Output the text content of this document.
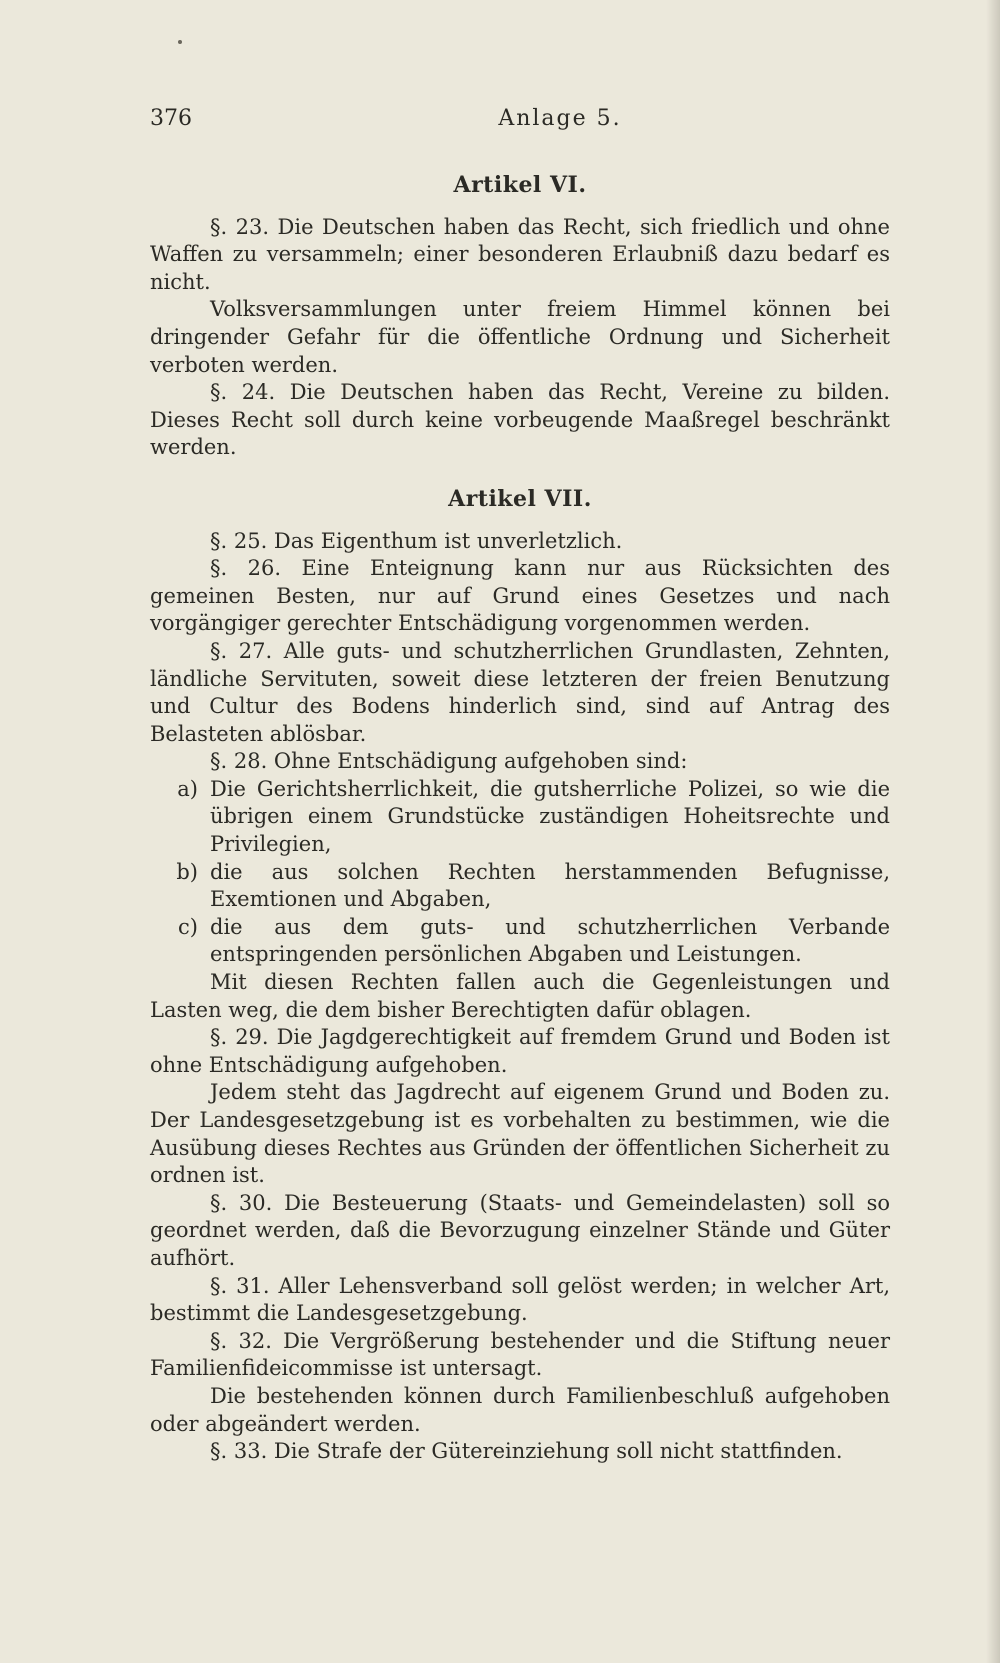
376	Anlage 5.
Artikel VI.

§. 23. Die Deutschen haben das Recht, sich friedlich und ohne Waffen zu versammeln; einer besonderen Erlaubniß dazu bedarf es nicht.

Volksversammlungen unter freiem Himmel können bei dringender Gefahr für die öffentliche Ordnung und Sicherheit verboten werden.

§. 24. Die Deutschen haben das Recht, Vereine zu bilden. Dieses Recht soll durch keine vorbeugende Maaßregel beschränkt werden.

Artikel VII.

§. 25. Das Eigenthum ist unverletzlich.

§. 26. Eine Enteignung kann nur aus Rücksichten des gemeinen Besten, nur auf Grund eines Gesetzes und nach vorgängiger gerechter Entschädigung vorgenommen werden.

§. 27. Alle guts- und schutzherrlichen Grundlasten, Zehnten, ländliche Servituten, soweit diese letzteren der freien Benutzung und Cultur des Bodens hinderlich sind, sind auf Antrag des Belasteten ablösbar.

§. 28. Ohne Entschädigung aufgehoben sind:

a) Die Gerichtsherrlichkeit, die gutsherrliche Polizei, so wie die übrigen einem Grundstücke zuständigen Hoheitsrechte und Privilegien,
b) die aus solchen Rechten herstammenden Befugnisse, Exemtionen und Abgaben,
c) die aus dem guts- und schutzherrlichen Verbande entspringenden persönlichen Abgaben und Leistungen.

Mit diesen Rechten fallen auch die Gegenleistungen und Lasten weg, die dem bisher Berechtigten dafür oblagen.

§. 29. Die Jagdgerechtigkeit auf fremdem Grund und Boden ist ohne Entschädigung aufgehoben.

Jedem steht das Jagdrecht auf eigenem Grund und Boden zu. Der Landesgesetzgebung ist es vorbehalten zu bestimmen, wie die Ausübung dieses Rechtes aus Gründen der öffentlichen Sicherheit zu ordnen ist.

§. 30. Die Besteuerung (Staats- und Gemeindelasten) soll so geordnet werden, daß die Bevorzugung einzelner Stände und Güter aufhört.

§. 31. Aller Lehensverband soll gelöst werden; in welcher Art, bestimmt die Landesgesetzgebung.

§. 32. Die Vergrößerung bestehender und die Stiftung neuer Familienfideicommisse ist untersagt.

Die bestehenden können durch Familienbeschluß aufgehoben oder abgeändert werden.

§. 33. Die Strafe der Gütereinziehung soll nicht stattfinden.
